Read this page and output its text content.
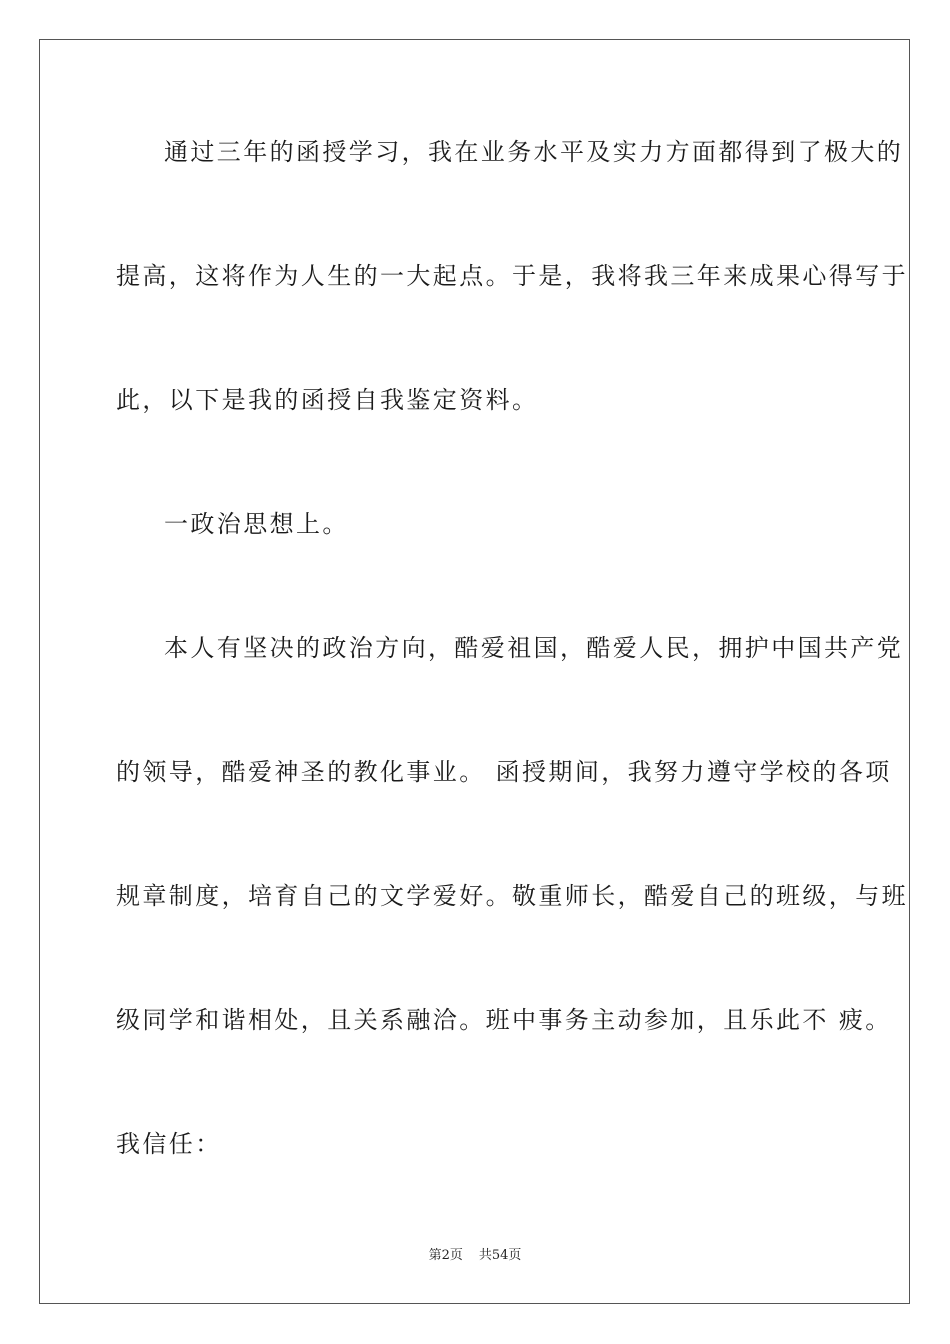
通过三年的函授学习，我在业务水平及实力方面都得到了极大的
提高，这将作为人生的一大起点。于是，我将我三年来成果心得写于
此，以下是我的函授自我鉴定资料。
一政治思想上。
本人有坚决的政治方向，酷爱祖国，酷爱人民，拥护中国共产党
的领导，酷爱神圣的教化事业。 函授期间，我努力遵守学校的各项
规章制度，培育自己的文学爱好。敬重师长，酷爱自己的班级，与班
级同学和谐相处，且关系融洽。班中事务主动参加，且乐此不 疲。
我信任：
第2页 共54页
